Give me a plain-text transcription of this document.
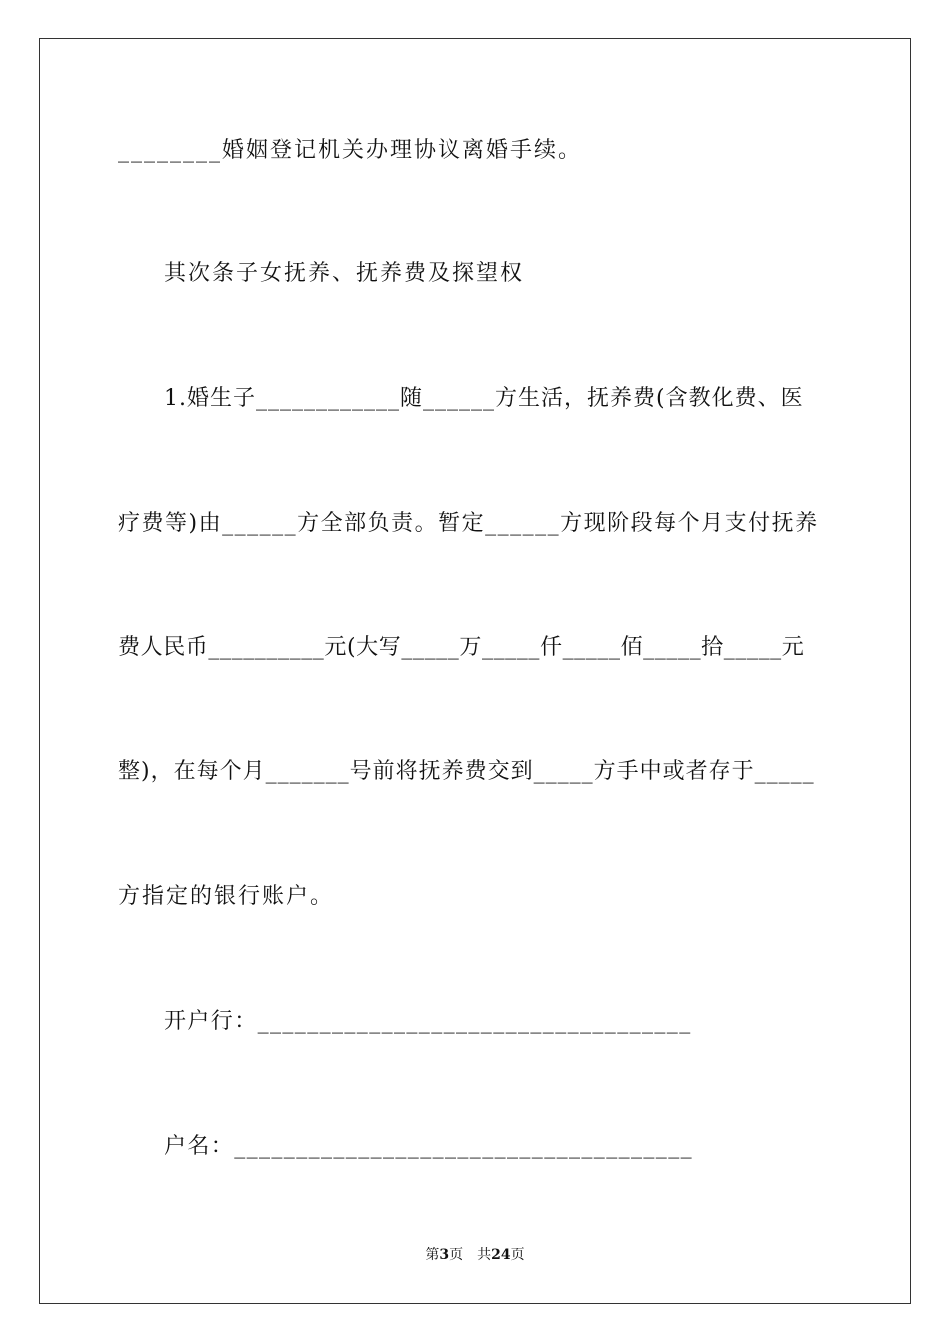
________婚姻登记机关办理协议离婚手续。
其次条子女抚养、抚养费及探望权
1.婚生子____________随______方生活，抚养费(含教化费、医
疗费等)由______方全部负责。暂定______方现阶段每个月支付抚养
费人民币__________元(大写_____万_____仟_____佰_____拾_____元
整)，在每个月_______号前将抚养费交到_____方手中或者存于_____
方指定的银行账户。
开户行：___________________________________
户名：_____________________________________
第3页 共24页
